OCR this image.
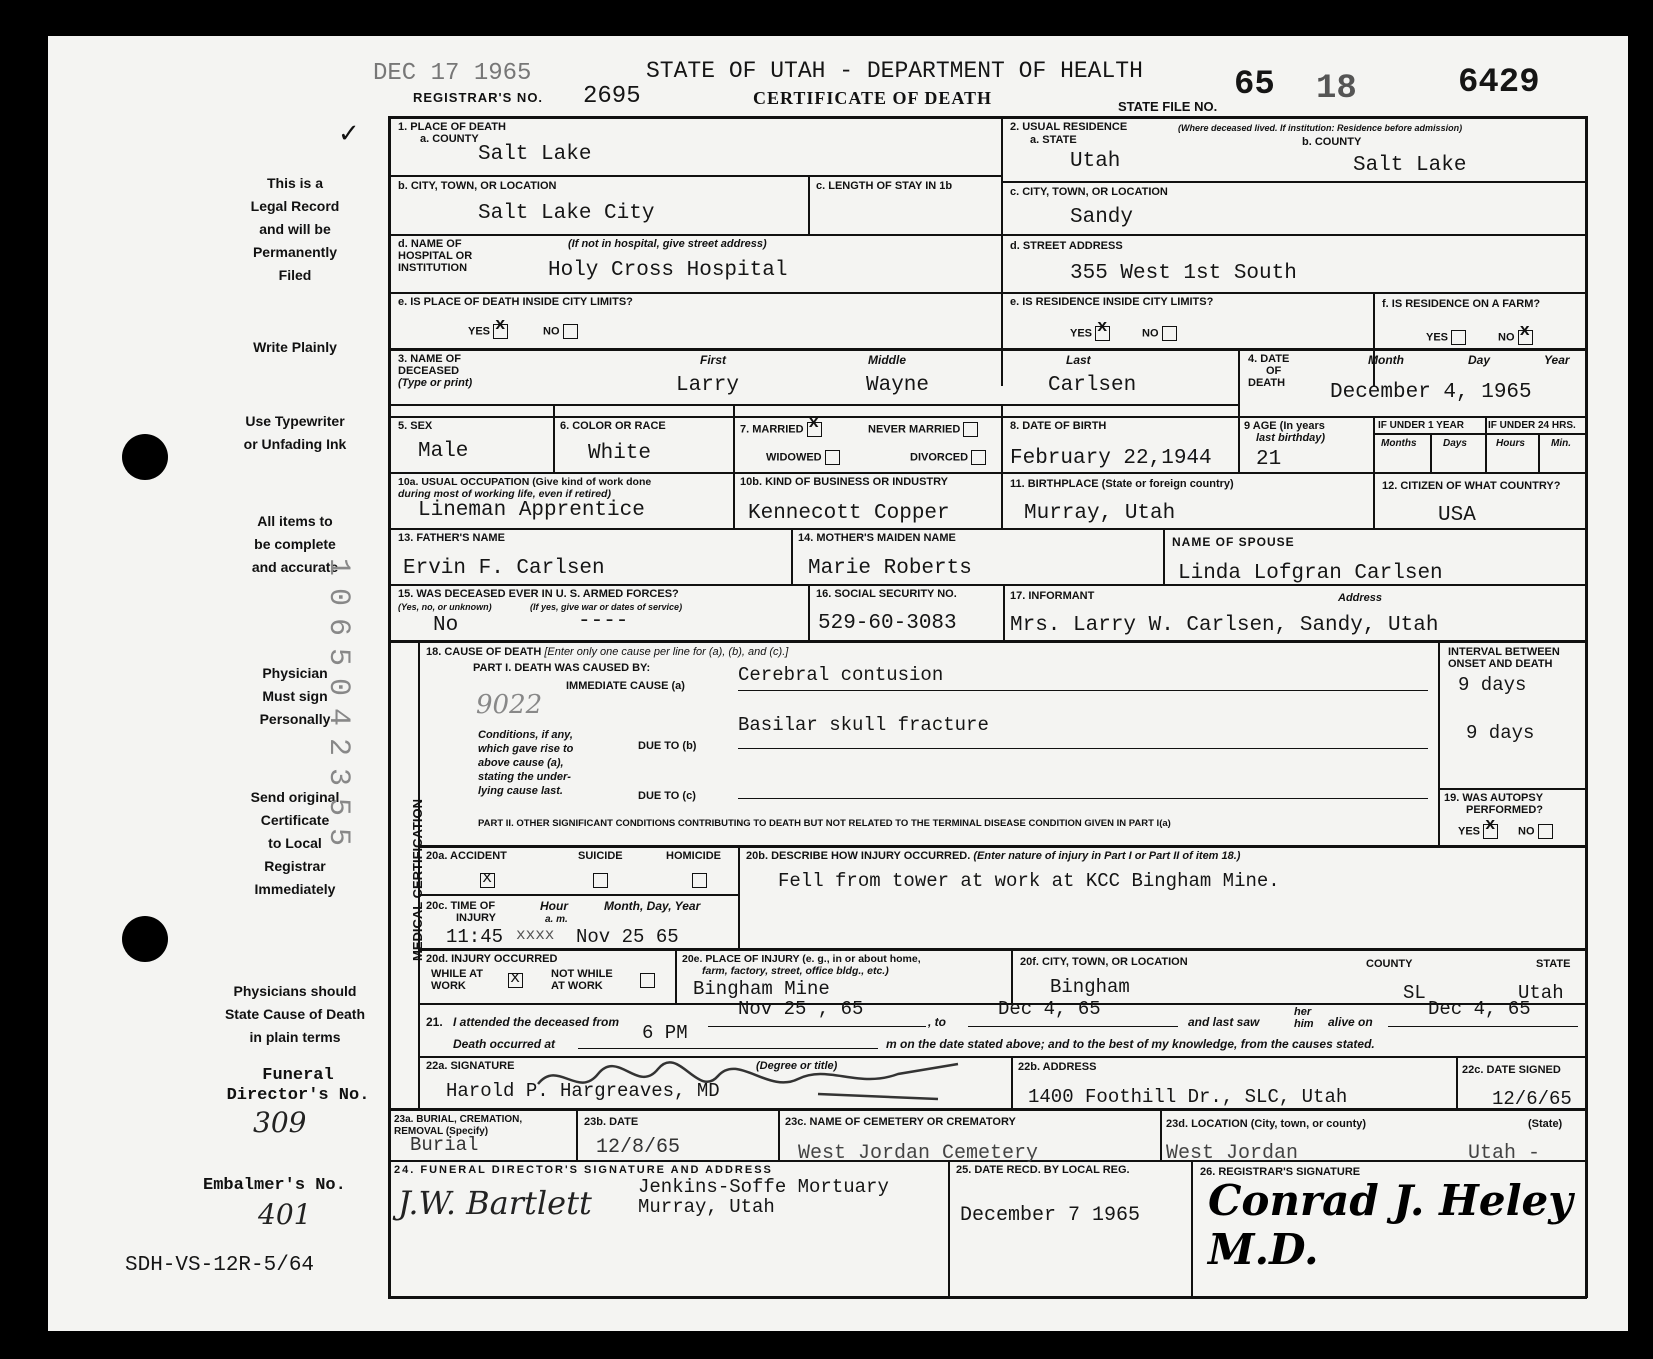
DEC 17 1965	STATE OF UTAH - DEPARTMENT OF HEALTH
REGISTRAR'S NO. 2695	CERTIFICATE OF DEATH	STATE FILE NO.
65 18	6429
✓
This is a
Legal Record
and will be
Permanently
Filed
Write Plainly
Use Typewriter
or Unfading Ink
All items to
be complete
and accurate
Physician
Must sign
Personally
Send original
Certificate
to Local
Registrar
Immediately
Physicians should
State Cause of Death
in plain terms
Funeral
Director's No.
309
Embalmer's No.
401
SDH-VS-12R-5/64
1065042355
1. PLACE OF DEATH
a. COUNTY
Salt Lake
b. CITY, TOWN, OR LOCATION
Salt Lake City
c. LENGTH OF STAY IN 1b
d. NAME OF
HOSPITAL OR
INSTITUTION
(If not in hospital, give street address)
Holy Cross Hospital
e. IS PLACE OF DEATH INSIDE CITY LIMITS?
YES x	NO
2. USUAL RESIDENCE	(Where deceased lived. If institution: Residence before admission)
a. STATE
Utah
b. COUNTY
Salt Lake
c. CITY, TOWN, OR LOCATION
Sandy
d. STREET ADDRESS
355 West 1st South
e. IS RESIDENCE INSIDE CITY LIMITS?
YES x	NO
f. IS RESIDENCE ON A FARM?
YES	NO x
3. NAME OF
DECEASED
(Type or print)
First	Middle	Last
Larry	Wayne	Carlsen
4. DATE
OF
DEATH
Month	Day	Year
December 4, 1965
5. SEX
Male
6. COLOR OR RACE
White
7. MARRIED x	NEVER MARRIED
WIDOWED	DIVORCED
8. DATE OF BIRTH
February 22,1944
9 AGE (In years
last birthday)
21
IF UNDER 1 YEAR IF UNDER 24 HRS.
Months	Days	Hours	Min.
10a. USUAL OCCUPATION (Give kind of work done
during most of working life, even if retired)
Lineman Apprentice
10b. KIND OF BUSINESS OR INDUSTRY
Kennecott Copper
11. BIRTHPLACE (State or foreign country)
Murray, Utah
12. CITIZEN OF WHAT COUNTRY?
USA
13. FATHER'S NAME
Ervin F. Carlsen
14. MOTHER'S MAIDEN NAME
Marie Roberts
NAME OF SPOUSE
Linda Lofgran Carlsen
15. WAS DECEASED EVER IN U. S. ARMED FORCES?
(Yes, no, or unknown)	(If yes, give war or dates of service)
No	----
16. SOCIAL SECURITY NO.
529-60-3083
17. INFORMANT	Address
Mrs. Larry W. Carlsen, Sandy, Utah
MEDICAL CERTIFICATION
18. CAUSE OF DEATH [Enter only one cause per line for (a), (b), and (c).]
PART I. DEATH WAS CAUSED BY:
IMMEDIATE CAUSE (a)	Cerebral contusion
9022
Conditions, if any,
which gave rise to
above cause (a),
stating the under-
lying cause last.
DUE TO (b)
Basilar skull fracture
DUE TO (c)
PART II. OTHER SIGNIFICANT CONDITIONS CONTRIBUTING TO DEATH BUT NOT RELATED TO THE TERMINAL DISEASE CONDITION GIVEN IN PART I(a)
INTERVAL BETWEEN
ONSET AND DEATH
9 days
9 days
19. WAS AUTOPSY
PERFORMED?
YES x	NO
20a. ACCIDENT	SUICIDE	HOMICIDE
x 20b. DESCRIBE HOW INJURY OCCURRED. (Enter nature of injury in Part I or Part II of item 18.)
Fell from tower at work at KCC Bingham Mine.
20c. TIME OF
INJURY
Hour
a. m.
Month, Day, Year
11:45 xxxx Nov 25 65
20d. INJURY OCCURRED
WHILE AT
WORK
x
NOT WHILE
AT WORK
20e. PLACE OF INJURY (e. g., in or about home,
farm, factory, street, office bldg., etc.)
Bingham Mine
20f. CITY, TOWN, OR LOCATION	COUNTY	STATE
Bingham	SL	Utah
21. I attended the deceased from
Nov 25 , 65
, to
Dec 4, 65
and last saw
her
him alive on
Dec 4, 65
Death occurred at	6 PM	m on the date stated above; and to the best of my knowledge, from the causes stated.
22a. SIGNATURE	(Degree or title)
Harold P. Hargreaves, MD
22b. ADDRESS
1400 Foothill Dr., SLC, Utah
22c. DATE SIGNED
12/6/65
23a. BURIAL, CREMATION,
REMOVAL (Specify)
Burial
23b. DATE
12/8/65
23c. NAME OF CEMETERY OR CREMATORY
West Jordan Cemetery
23d. LOCATION (City, town, or county)	(State)
West Jordan	Utah -
24. FUNERAL DIRECTOR'S SIGNATURE AND ADDRESS
Jenkins-Soffe Mortuary
Murray, Utah
J.W. Bartlett
25. DATE RECD. BY LOCAL REG.
December 7 1965
26. REGISTRAR'S SIGNATURE
Conrad J. Heley M.D.
